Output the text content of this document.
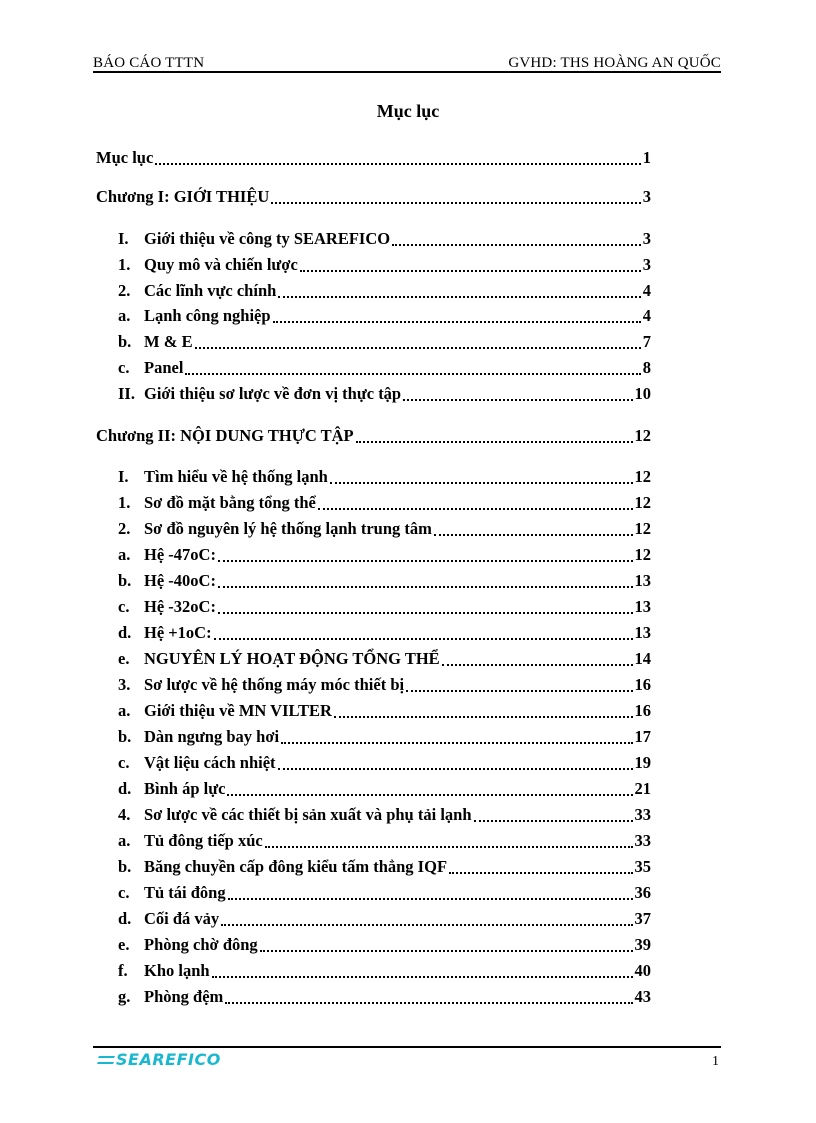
BÁO CÁO TTTN	GVHD: THS HOÀNG AN QUỐC
Mục lục
Mục lục	1
Chương I: GIỚI THIỆU	3
I. Giới thiệu về công ty SEAREFICO	3
1. Quy mô và chiến lược	3
2. Các lĩnh vực chính	4
a. Lạnh công nghiệp	4
b. M & E	7
c. Panel	8
II. Giới thiệu sơ lược về đơn vị thực tập	10
Chương II: NỘI DUNG THỰC TẬP	12
I. Tìm hiểu về hệ thống lạnh	12
1. Sơ đồ mặt bằng tổng thể	12
2. Sơ đồ nguyên lý hệ thống lạnh trung tâm	12
a. Hệ -47oC:	12
b. Hệ -40oC:	13
c. Hệ -32oC:	13
d. Hệ +1oC:	13
e. NGUYÊN LÝ HOẠT ĐỘNG TỔNG THỂ	14
3. Sơ lược về hệ thống máy móc thiết bị	16
a. Giới thiệu về MN VILTER	16
b. Dàn ngưng bay hơi	17
c. Vật liệu cách nhiệt	19
d. Bình áp lực	21
4. Sơ lược về các thiết bị sản xuất và phụ tải lạnh	33
a. Tủ đông tiếp xúc	33
b. Băng chuyền cấp đông kiểu tấm thẳng IQF	35
c. Tủ tái đông	36
d. Cối đá vảy	37
e. Phòng chờ đông	39
f. Kho lạnh	40
g. Phòng đệm	43
SEAREFICO	1
